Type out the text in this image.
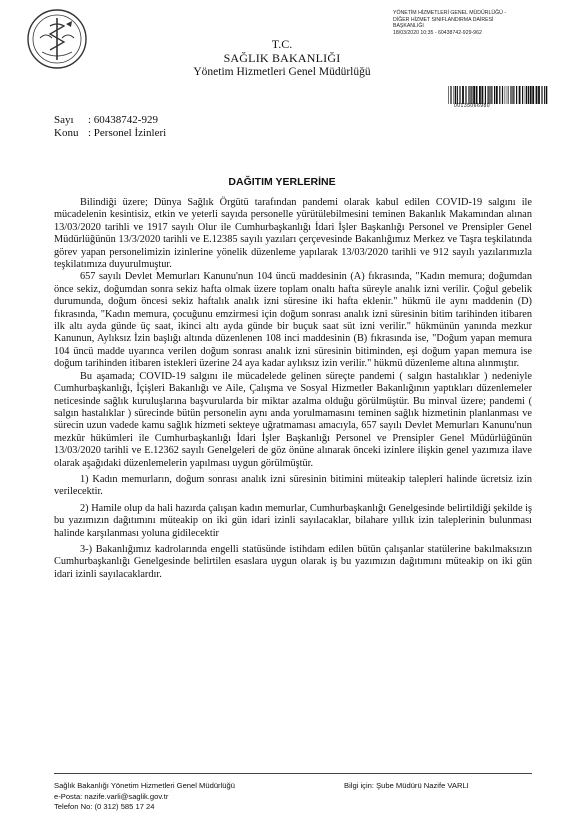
T.C.
SAĞLIK BAKANLIĞI
Yönetim Hizmetleri Genel Müdürlüğü
YÖNETİM HİZMETLERİ GENEL MÜDÜRLÜĞÜ -
DİĞER HİZMET SINIFLANDIRMA DAİRESİ
BAŞKANLIĞI
18/03/2020 10:35 - 60438742-929-962
00135066980
Sayı : 60438742-929
Konu : Personel İzinleri
DAĞITIM YERLERİNE

Bilindiği üzere; Dünya Sağlık Örgütü tarafından pandemi olarak kabul edilen COVID-19 salgını ile mücadelenin kesintisiz, etkin ve yeterli sayıda personelle yürütülebilmesini teminen Bakanlık Makamından alınan 13/03/2020 tarihli ve 1917 sayılı Olur ile Cumhurbaşkanlığı İdari İşler Başkanlığı Personel ve Prensipler Genel Müdürlüğünün 13/3/2020 tarihli ve E.12385 sayılı yazıları çerçevesinde Bakanlığımız Merkez ve Taşra teşkilatında görev yapan personelimizin izinlerine yönelik düzenleme yapılarak 13/03/2020 tarihli ve 912 sayılı yazılarımızla teşkilatımıza duyurulmuştur.

657 sayılı Devlet Memurları Kanunu'nun 104 üncü maddesinin (A) fıkrasında, "Kadın memura; doğumdan önce sekiz, doğumdan sonra sekiz hafta olmak üzere toplam onaltı hafta süreyle analık izni verilir. Çoğul gebelik durumunda, doğum öncesi sekiz haftalık analık izni süresine iki hafta eklenir." hükmü ile aynı maddenin (D) fıkrasında, "Kadın memura, çocuğunu emzirmesi için doğum sonrası analık izni süresinin bitim tarihinden itibaren ilk altı ayda günde üç saat, ikinci altı ayda günde bir buçuk saat süt izni verilir." hükmünün yanında mezkur Kanunun, Aylıksız İzin başlığı altında düzenlenen 108 inci maddesinin (B) fıkrasında ise, "Doğum yapan memura 104 üncü madde uyarınca verilen doğum sonrası analık izni süresinin bitiminden, eşi doğum yapan memura ise doğum tarihinden itibaren istekleri üzerine 24 aya kadar aylıksız izin verilir." hükmü düzenleme altına alınmıştır.

Bu aşamada; COVID-19 salgını ile mücadelede gelinen süreçte pandemi ( salgın hastalıklar ) nedeniyle Cumhurbaşkanlığı, İçişleri Bakanlığı ve Aile, Çalışma ve Sosyal Hizmetler Bakanlığının yaptıkları düzenlemeler neticesinde sağlık kuruluşlarına başvurularda bir miktar azalma olduğu görülmüştür. Bu minval üzere; pandemi ( salgın hastalıklar ) sürecinde bütün personelin aynı anda yorulmamasını teminen sağlık hizmetinin planlanması ve sürecin uzun vadede kamu sağlık hizmeti sekteye uğratmaması amacıyla, 657 sayılı Devlet Memurları Kanunu'nun mezkûr hükümleri ile Cumhurbaşkanlığı İdari İşler Başkanlığı Personel ve Prensipler Genel Müdürlüğünün 13/03/2020 tarihli ve E.12362 sayılı Genelgeleri de göz önüne alınarak önceki izinlere ilişkin genel yazımıza ilave olarak aşağıdaki düzenlemelerin yapılması uygun görülmüştür.

1) Kadın memurların, doğum sonrası analık izni süresinin bitimini müteakip talepleri halinde ücretsiz izin verilecektir.

2) Hamile olup da hali hazırda çalışan kadın memurlar, Cumhurbaşkanlığı Genelgesinde belirtildiği şekilde iş bu yazımızın dağıtımını müteakip on iki gün idari izinli sayılacaklar, bilahare yıllık izin taleplerinin bulunması halinde karşılanması yoluna gidilecektir

3-) Bakanlığımız kadrolarında engelli statüsünde istihdam edilen bütün çalışanlar statülerine bakılmaksızın Cumhurbaşkanlığı Genelgesinde belirtilen esaslara uygun olarak iş bu yazımızın dağıtımını müteakip on iki gün idari izinli sayılacaklardır.

Sağlık Bakanlığı Yönetim Hizmetleri Genel Müdürlüğü
e-Posta: nazife.varli@saglik.gov.tr
Telefon No: (0 312) 585 17 24
Bilgi için: Şube Müdürü Nazife VARLI
